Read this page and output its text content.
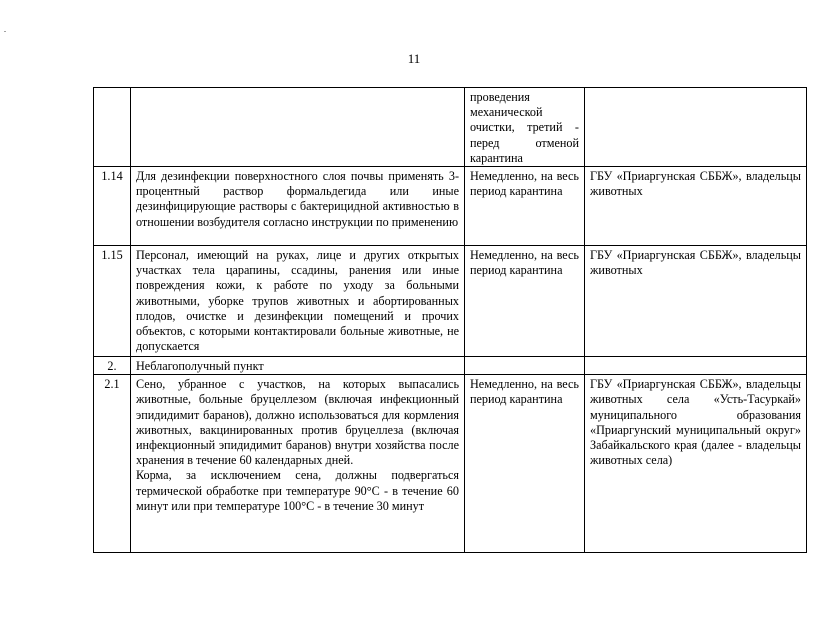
.
11

		проведения механической очистки, третий - перед отменой карантина	

1.14	Для дезинфекции поверхностного слоя почвы применять 3-процентный раствор формальдегида или иные дезинфицирующие растворы с бактерицидной активностью в отношении возбудителя согласно инструкции по применению	Немедленно, на весь период карантина	ГБУ «Приаргунская СББЖ», владельцы животных

1.15	Персонал, имеющий на руках, лице и других открытых участках тела царапины, ссадины, ранения или иные повреждения кожи, к работе по уходу за больными животными, уборке трупов животных и абортированных плодов, очистке и дезинфекции помещений и прочих объектов, с которыми контактировали больные животные, не допускается	Немедленно, на весь период карантина	ГБУ «Приаргунская СББЖ», владельцы животных

2.	Неблагополучный пункт		
2.1	Сено, убранное с участков, на которых выпасались животные, больные бруцеллезом (включая инфекционный эпидидимит баранов), должно использоваться для кормления животных, вакцинированных против бруцеллеза (включая инфекционный эпидидимит баранов) внутри хозяйства после хранения в течение 60 календарных дней.
Корма, за исключением сена, должны подвергаться термической обработке при температуре 90°С - в течение 60 минут или при температуре 100°С - в течение 30 минут	Немедленно, на весь период карантина	ГБУ «Приаргунская СББЖ», владельцы животных села «Усть-Тасуркай» муниципального образования «Приаргунский муниципальный округ» Забайкальского края (далее - владельцы животных села)
